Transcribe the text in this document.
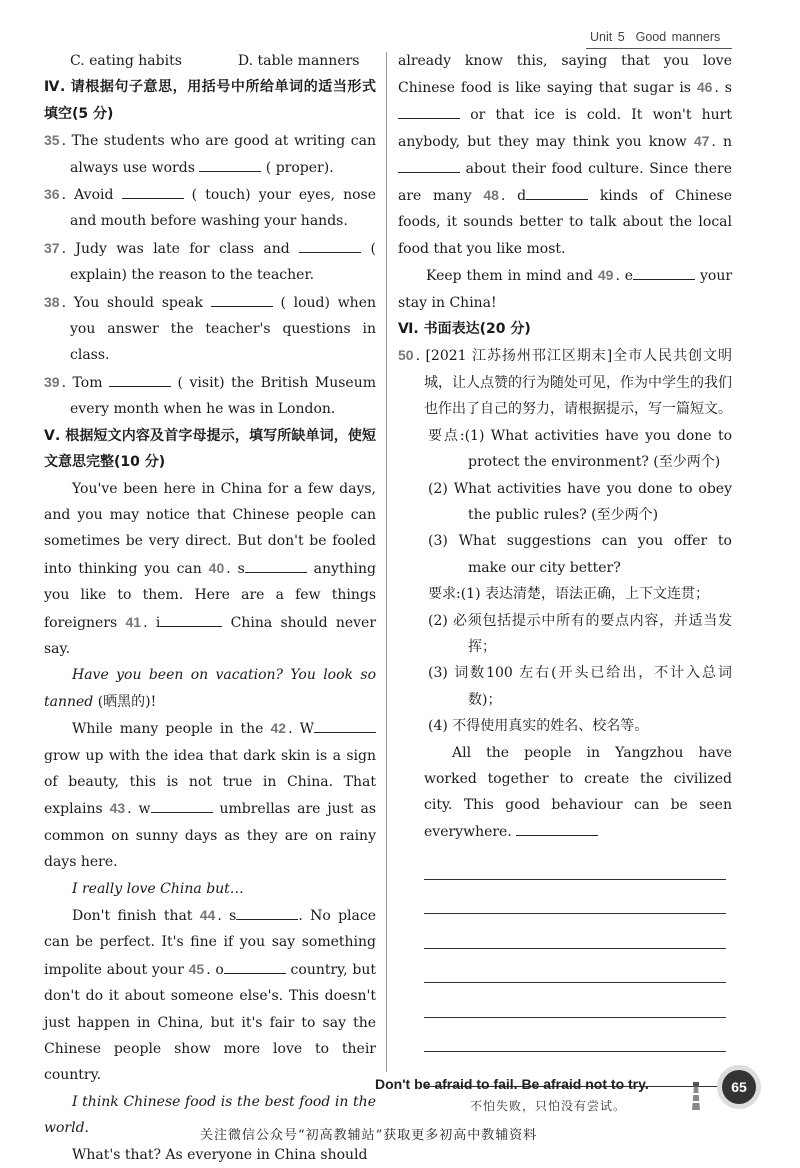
Unit 5 Good manners
C. eating habits	D. table manners

Ⅳ. 请根据句子意思，用括号中所给单词的适当形式填空(5 分)

35 . The students who are good at writing can always use words	( proper).

36 . Avoid	( touch) your eyes, nose and mouth before washing your hands.

37 . Judy was late for class and	( explain) the reason to the teacher.

38 . You should speak	( loud) when you answer the teacher's questions in class.

39 . Tom	( visit) the British Museum every month when he was in London.

Ⅴ. 根据短文内容及首字母提示，填写所缺单词，使短文意思完整(10 分)

You've been here in China for a few days, and you may notice that Chinese people can sometimes be very direct. But don't be fooled into thinking you can 40 . s	anything you like to them. Here are a few things foreigners 41 . i	China should never say.

Have you been on vacation? You look so tanned (晒黑的)!

While many people in the 42 . W grow up with the idea that dark skin is a sign of beauty, this is not true in China. That explains 43 . w	umbrellas are just as common on sunny days as they are on rainy days here.

I really love China but…

Don't finish that 44 . s	. No place can be perfect. It's fine if you say something impolite about your 45 . o	country, but don't do it about someone else's. This doesn't just happen in China, but it's fair to say the Chinese people show more love to their country.

I think Chinese food is the best food in the world.

What's that? As everyone in China should

already know this, saying that you love Chinese food is like saying that sugar is 46 . s or that ice is cold. It won't hurt anybody, but they may think you know 47 . n about their food culture. Since there are many 48 . d	kinds of Chinese foods, it sounds better to talk about the local food that you like most.

Keep them in mind and 49 . e	your stay in China!

Ⅵ. 书面表达(20 分)

50 . [2021 江苏扬州邗江区期末]全市人民共创文明城，让人点赞的行为随处可见，作为中学生的我们也作出了自己的努力，请根据提示，写一篇短文。

要点:(1) What activities have you done to protect the environment? (至少两个)

(2) What activities have you done to obey the public rules? (至少两个)

(3) What suggestions can you offer to make our city better?

要求:(1) 表达清楚，语法正确，上下文连贯；

(2) 必须包括提示中所有的要点内容，并适当发挥；

(3) 词数100 左右(开头已给出，不计入总词数)；

(4) 不得使用真实的姓名、校名等。

All the people in Yangzhou have worked together to create the civilized city. This good behaviour can be seen everywhere.

Don't be afraid to fail. Be afraid not to try.
不怕失败，只怕没有尝试。
65
关注微信公众号“初高教辅站”获取更多初高中教辅资料
